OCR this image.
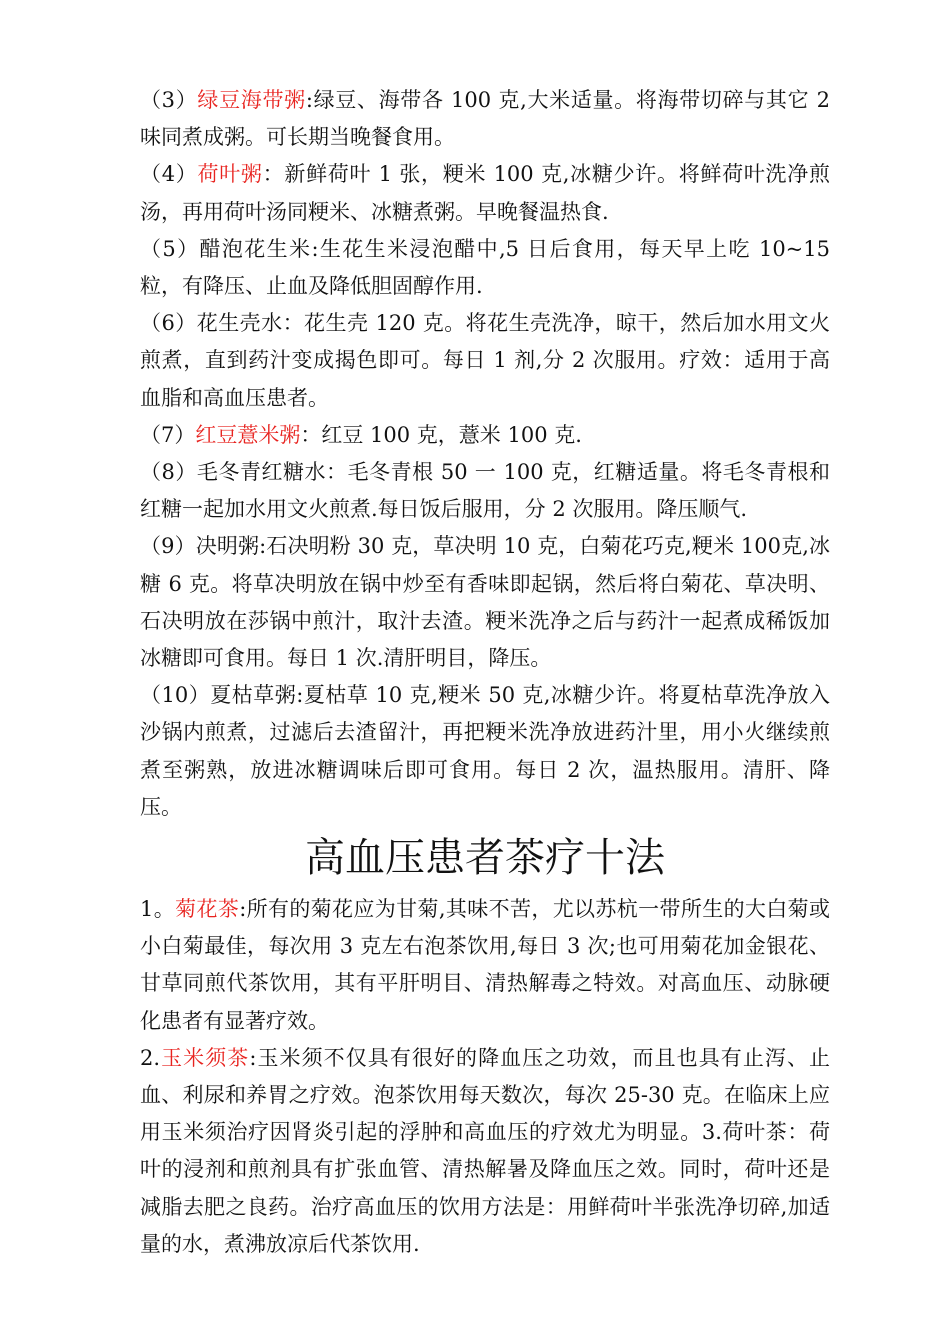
（3）绿豆海带粥:绿豆、海带各 100 克,大米适量。将海带切碎与其它 2 味同煮成粥。可长期当晚餐食用。

（4）荷叶粥：新鲜荷叶 1 张，粳米 100 克,冰糖少许。将鲜荷叶洗净煎汤，再用荷叶汤同粳米、冰糖煮粥。早晚餐温热食.

（5）醋泡花生米:生花生米浸泡醋中,5 日后食用，每天早上吃 10~15 粒，有降压、止血及降低胆固醇作用.

（6）花生壳水：花生壳 120 克。将花生壳洗净，晾干，然后加水用文火煎煮，直到药汁变成揭色即可。每日 1 剂,分 2 次服用。疗效：适用于高血脂和高血压患者。

（7）红豆薏米粥：红豆 100 克，薏米 100 克.

（8）毛冬青红糖水：毛冬青根 50 一 100 克，红糖适量。将毛冬青根和红糖一起加水用文火煎煮.每日饭后服用，分 2 次服用。降压顺气.

（9）决明粥:石决明粉 30 克，草决明 10 克，白菊花巧克,粳米 100克,冰糖 6 克。将草决明放在锅中炒至有香味即起锅，然后将白菊花、草决明、石决明放在莎锅中煎汁，取汁去渣。粳米洗净之后与药汁一起煮成稀饭加冰糖即可食用。每日 1 次.清肝明目，降压。

（10）夏枯草粥:夏枯草 10 克,粳米 50 克,冰糖少许。将夏枯草洗净放入沙锅内煎煮，过滤后去渣留汁，再把粳米洗净放进药汁里，用小火继续煎煮至粥熟，放进冰糖调味后即可食用。每日 2 次，温热服用。清肝、降压。

高血压患者茶疗十法

1。菊花茶:所有的菊花应为甘菊,其味不苦，尤以苏杭一带所生的大白菊或小白菊最佳，每次用 3 克左右泡茶饮用,每日 3 次;也可用菊花加金银花、甘草同煎代茶饮用，其有平肝明目、清热解毒之特效。对高血压、动脉硬化患者有显著疗效。

2.玉米须茶:玉米须不仅具有很好的降血压之功效，而且也具有止泻、止血、利尿和养胃之疗效。泡茶饮用每天数次，每次 25-30 克。在临床上应用玉米须治疗因肾炎引起的浮肿和高血压的疗效尤为明显。3.荷叶茶：荷叶的浸剂和煎剂具有扩张血管、清热解暑及降血压之效。同时，荷叶还是减脂去肥之良药。治疗高血压的饮用方法是：用鲜荷叶半张洗净切碎,加适量的水，煮沸放凉后代茶饮用.
